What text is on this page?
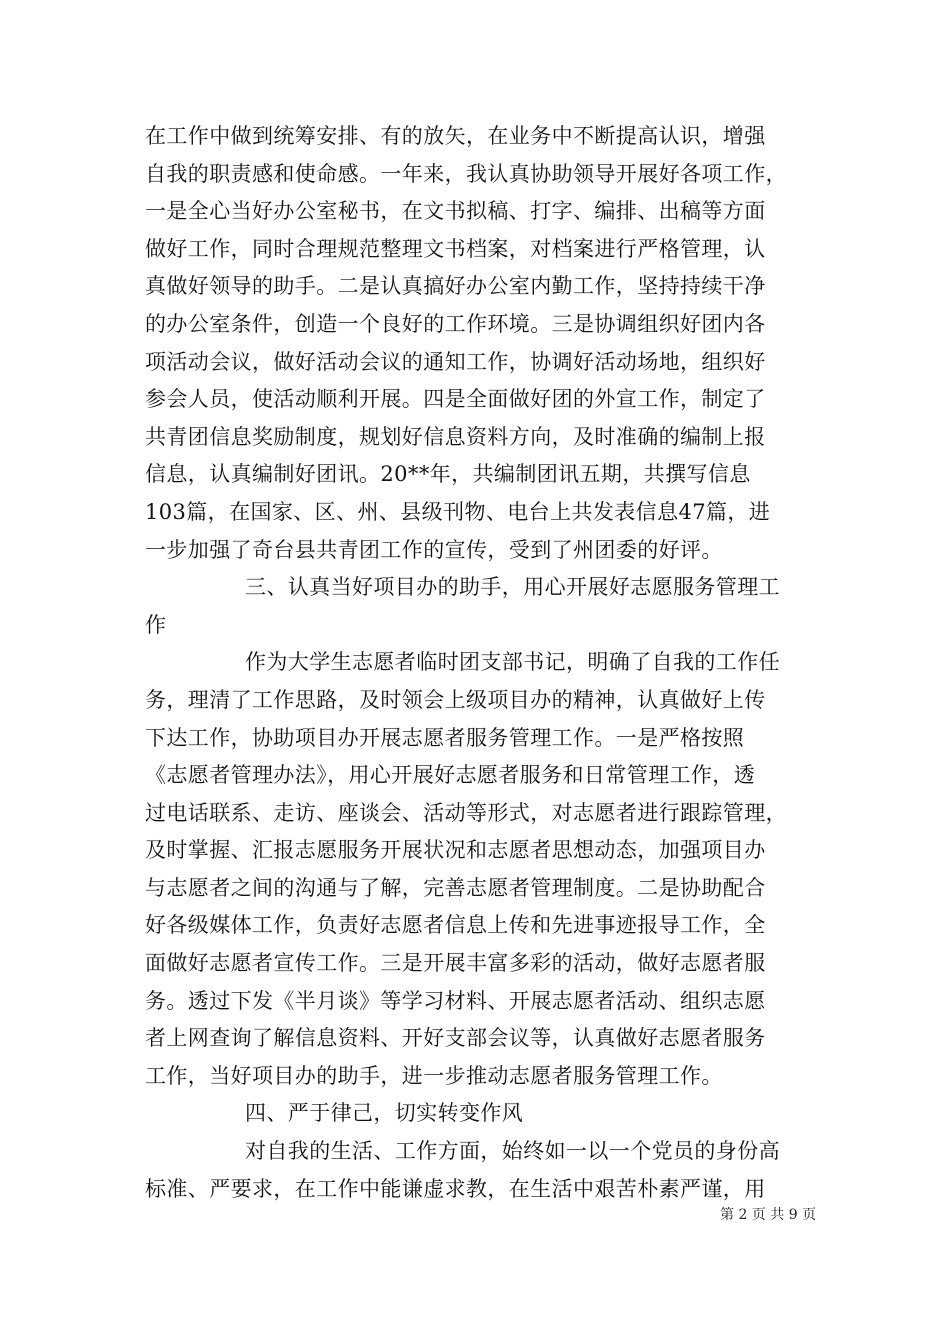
在工作中做到统筹安排、有的放矢，在业务中不断提高认识，增强
自我的职责感和使命感。一年来，我认真协助领导开展好各项工作，
一是全心当好办公室秘书，在文书拟稿、打字、编排、出稿等方面
做好工作，同时合理规范整理文书档案，对档案进行严格管理，认
真做好领导的助手。二是认真搞好办公室内勤工作，坚持持续干净
的办公室条件，创造一个良好的工作环境。三是协调组织好团内各
项活动会议，做好活动会议的通知工作，协调好活动场地，组织好
参会人员，使活动顺利开展。四是全面做好团的外宣工作，制定了
共青团信息奖励制度，规划好信息资料方向，及时准确的编制上报
信息，认真编制好团讯。20**年，共编制团讯五期，共撰写信息
103篇，在国家、区、州、县级刊物、电台上共发表信息47篇，进
一步加强了奇台县共青团工作的宣传，受到了州团委的好评。
三、认真当好项目办的助手，用心开展好志愿服务管理工
作
作为大学生志愿者临时团支部书记，明确了自我的工作任
务，理清了工作思路，及时领会上级项目办的精神，认真做好上传
下达工作，协助项目办开展志愿者服务管理工作。一是严格按照
《志愿者管理办法》，用心开展好志愿者服务和日常管理工作，透
过电话联系、走访、座谈会、活动等形式，对志愿者进行跟踪管理，
及时掌握、汇报志愿服务开展状况和志愿者思想动态，加强项目办
与志愿者之间的沟通与了解，完善志愿者管理制度。二是协助配合
好各级媒体工作，负责好志愿者信息上传和先进事迹报导工作，全
面做好志愿者宣传工作。三是开展丰富多彩的活动，做好志愿者服
务。透过下发《半月谈》等学习材料、开展志愿者活动、组织志愿
者上网查询了解信息资料、开好支部会议等，认真做好志愿者服务
工作，当好项目办的助手，进一步推动志愿者服务管理工作。
四、严于律己，切实转变作风
对自我的生活、工作方面，始终如一以一个党员的身份高
标准、严要求，在工作中能谦虚求教，在生活中艰苦朴素严谨，用
第 2 页 共 9 页
